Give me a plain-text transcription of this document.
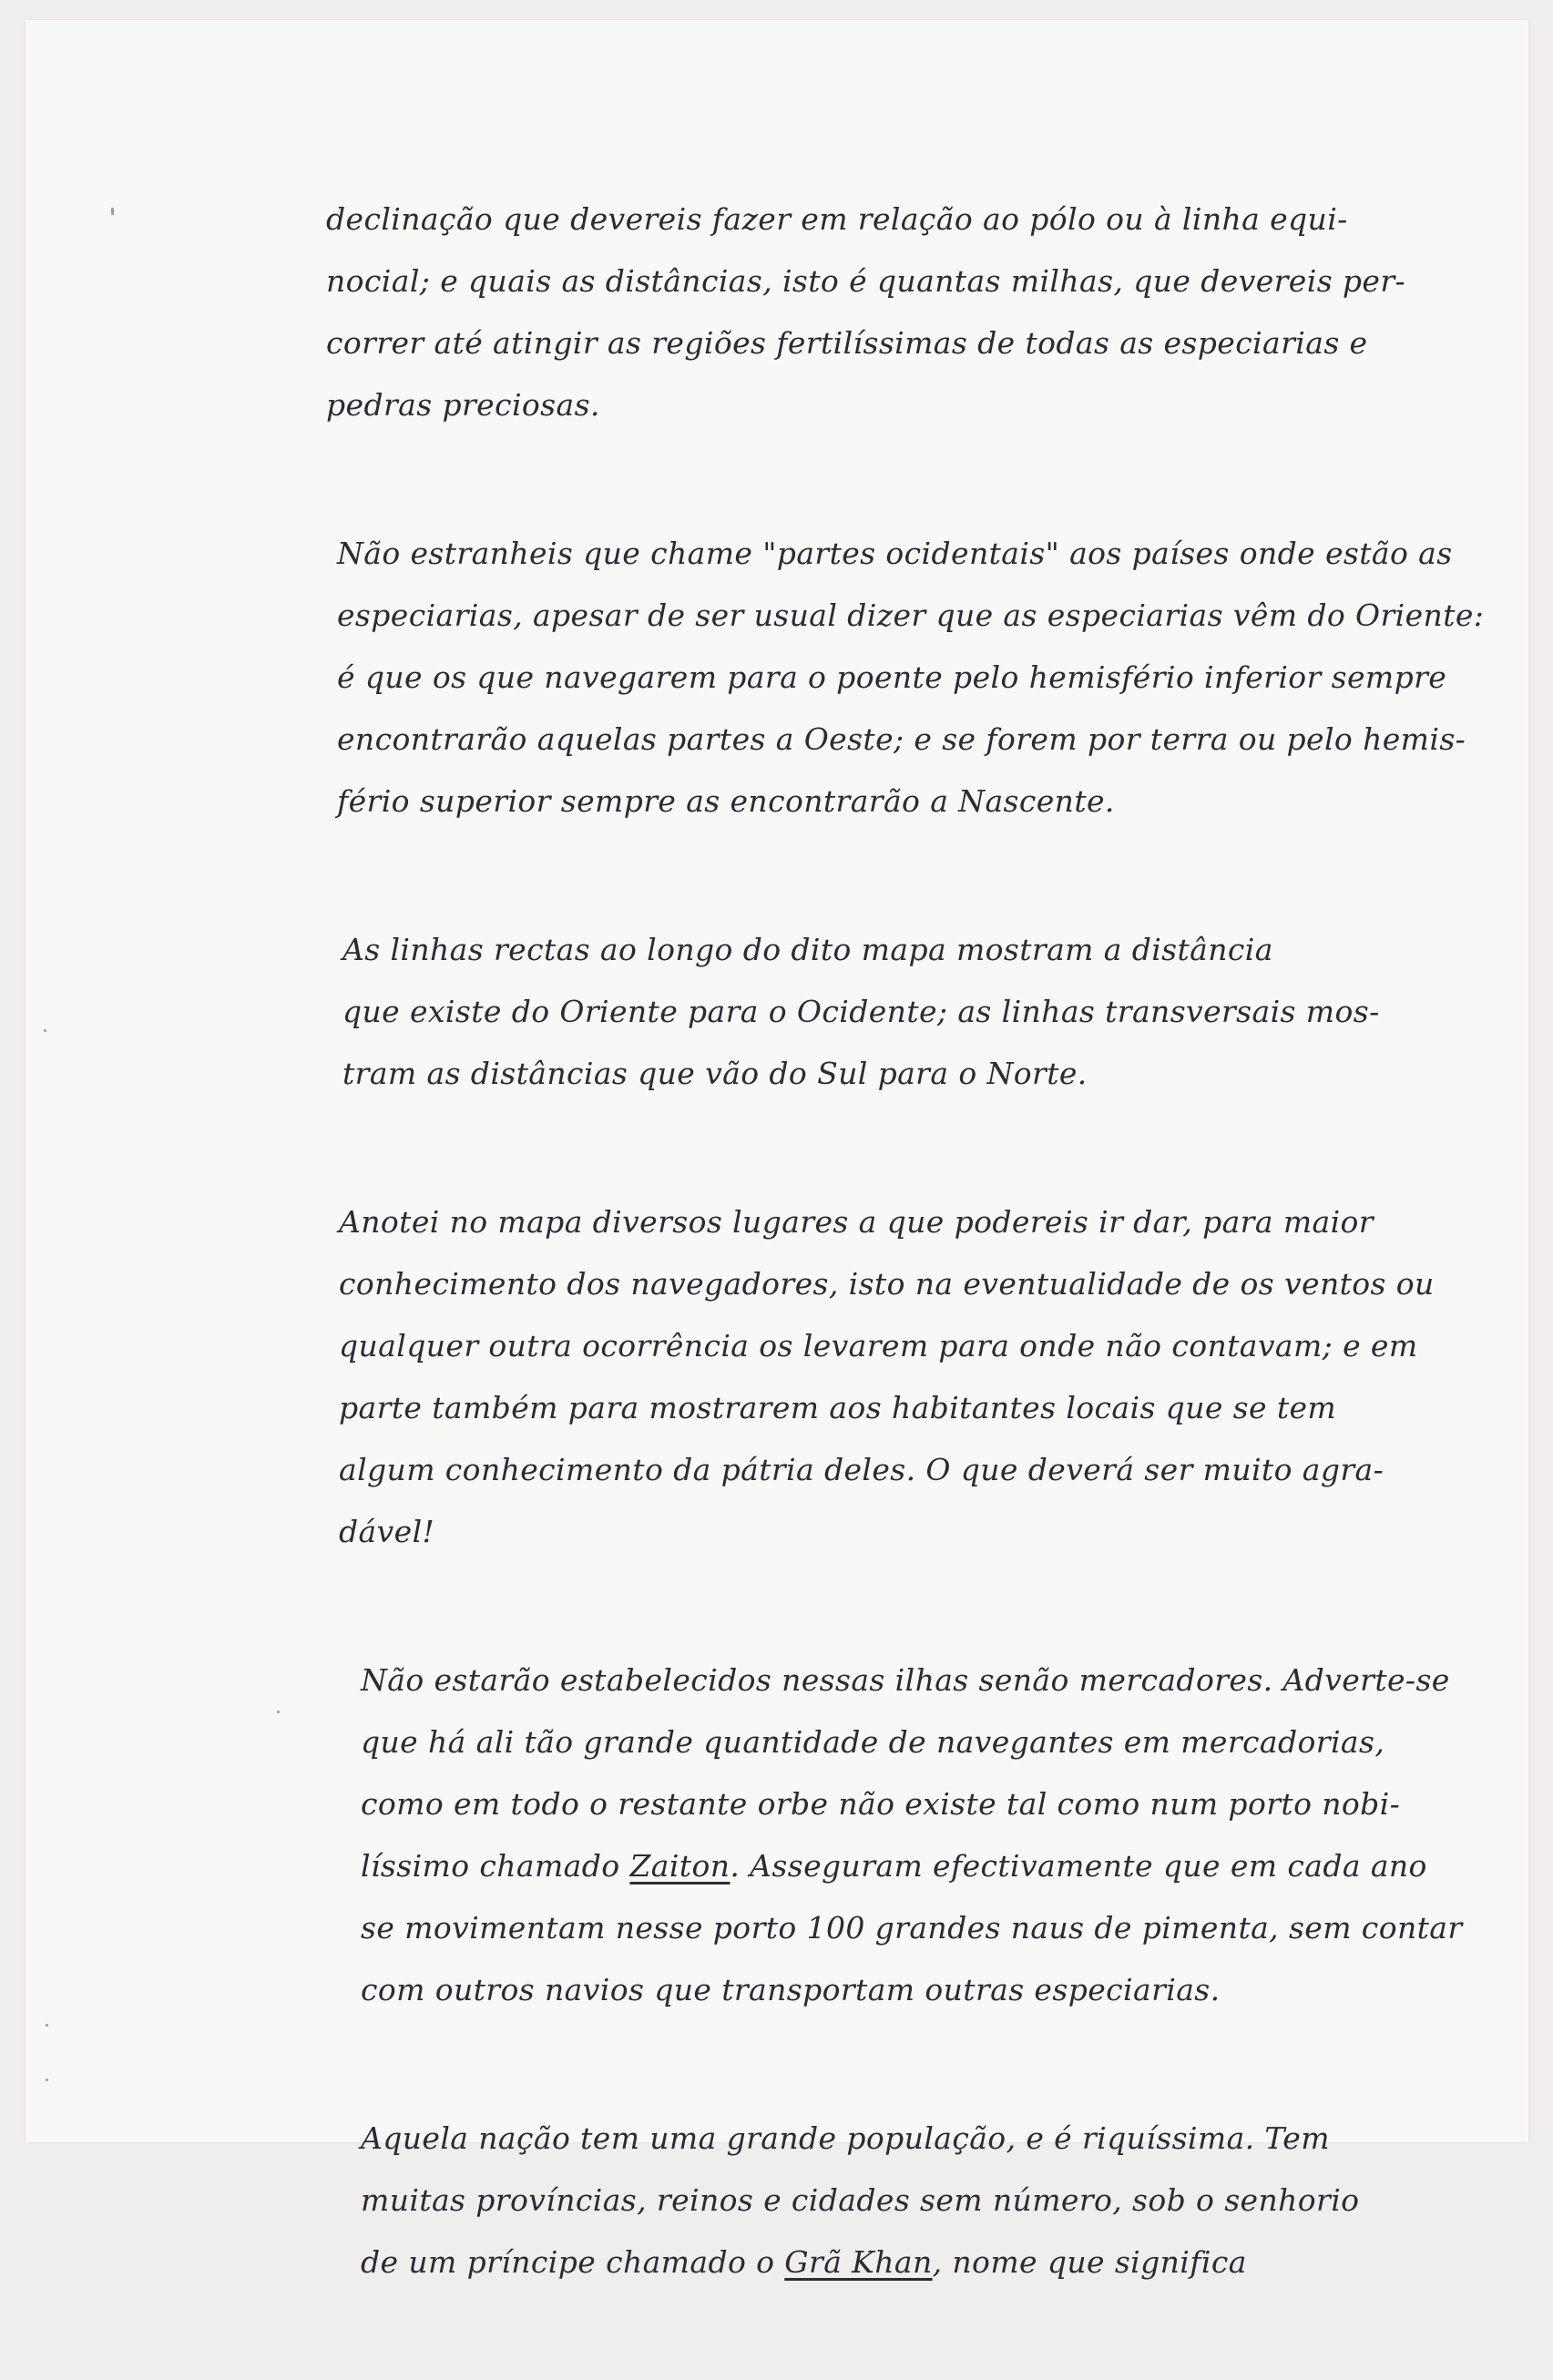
declinação que devereis fazer em relação ao pólo ou à linha equi-
nocial; e quais as distâncias, isto é quantas milhas, que devereis per-
correr até atingir as regiões fertilíssimas de todas as especiarias e
pedras preciosas.
Não estranheis que chame "partes ocidentais" aos países onde estão as
especiarias, apesar de ser usual dizer que as especiarias vêm do Oriente:
é que os que navegarem para o poente pelo hemisfério inferior sempre
encontrarão aquelas partes a Oeste; e se forem por terra ou pelo hemis-
fério superior sempre as encontrarão a Nascente.
As linhas rectas ao longo do dito mapa mostram a distância
que existe do Oriente para o Ocidente; as linhas transversais mos-
tram as distâncias que vão do Sul para o Norte.
Anotei no mapa diversos lugares a que podereis ir dar, para maior
conhecimento dos navegadores, isto na eventualidade de os ventos ou
qualquer outra ocorrência os levarem para onde não contavam; e em
parte também para mostrarem aos habitantes locais que se tem
algum conhecimento da pátria deles. O que deverá ser muito agra-
dável!
Não estarão estabelecidos nessas ilhas senão mercadores. Adverte-se
que há ali tão grande quantidade de navegantes em mercadorias,
como em todo o restante orbe não existe tal como num porto nobi-
líssimo chamado Zaiton. Asseguram efectivamente que em cada ano
se movimentam nesse porto 100 grandes naus de pimenta, sem contar
com outros navios que transportam outras especiarias.
Aquela nação tem uma grande população, e é riquíssima. Tem
muitas províncias, reinos e cidades sem número, sob o senhorio
de um príncipe chamado o Grã Khan, nome que significa
